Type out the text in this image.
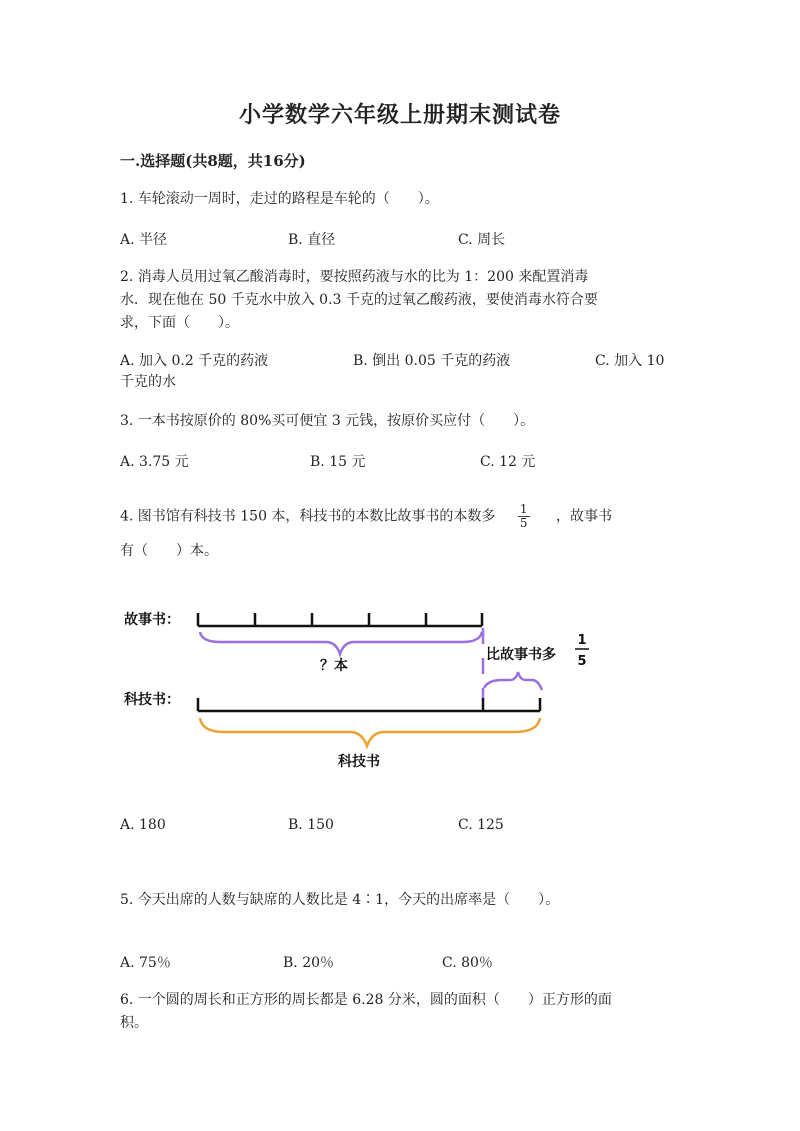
小学数学六年级上册期末测试卷
一.选择题(共8题，共16分)
1. 车轮滚动一周时，走过的路程是车轮的（　　）。
A. 半径	B. 直径	C. 周长
2. 消毒人员用过氧乙酸消毒时，要按照药液与水的比为 1：200 来配置消毒
水．现在他在 50 千克水中放入 0.3 千克的过氧乙酸药液，要使消毒水符合要
求，下面（　　）。
A. 加入 0.2 千克的药液	B. 倒出 0.05 千克的药液	C. 加入 10
千克的水
3. 一本书按原价的 80%买可便宜 3 元钱，按原价买应付（　　）。
A. 3.75 元	B. 15 元	C. 12 元
4. 图书馆有科技书 150 本，科技书的本数比故事书的本数多 $\frac{1}{5}$ ，故事书
有（　　）本。
故事书：
？本
比故事书多
1
5
科技书：
科技书
A. 180	B. 150	C. 125
5. 今天出席的人数与缺席的人数比是 4∶1，今天的出席率是（　　）。
A. 75％	B. 20％	C. 80％
6. 一个圆的周长和正方形的周长都是 6.28 分米，圆的面积（　　）正方形的面
积。
